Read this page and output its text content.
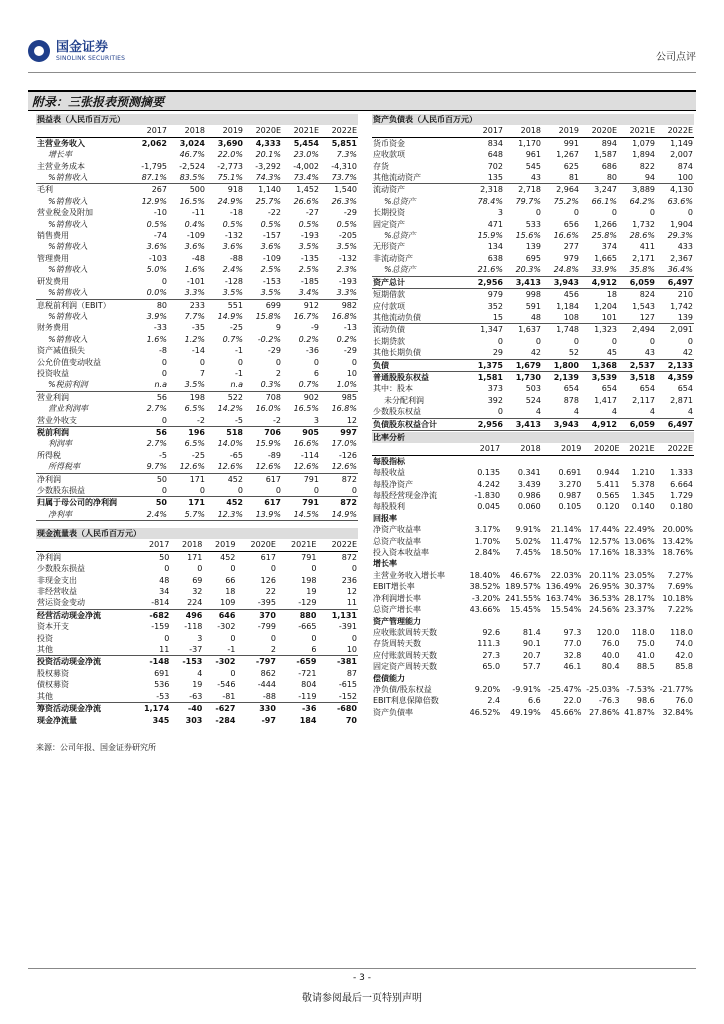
国金证券
SINOLINK SECURITIES	公司点评
附录：三张报表预测摘要
损益表（人民币百万元）						
	2017	2018	2019	2020E	2021E	2022E
主营业务收入	2,062	3,024	3,690	4,333	5,454	5,851
增长率		46.7%	22.0%	20.1%	23.0%	7.3%
主营业务成本	-1,795	-2,524	-2,773	-3,292	-4,002	-4,310
%销售收入	87.1%	83.5%	75.1%	74.3%	73.4%	73.7%
毛利	267	500	918	1,140	1,452	1,540
%销售收入	12.9%	16.5%	24.9%	25.7%	26.6%	26.3%
营业税金及附加	-10	-11	-18	-22	-27	-29
%销售收入	0.5%	0.4%	0.5%	0.5%	0.5%	0.5%
销售费用	-74	-109	-132	-157	-193	-205
%销售收入	3.6%	3.6%	3.6%	3.6%	3.5%	3.5%
管理费用	-103	-48	-88	-109	-135	-132
%销售收入	5.0%	1.6%	2.4%	2.5%	2.5%	2.3%
研发费用	0	-101	-128	-153	-185	-193
%销售收入	0.0%	3.3%	3.5%	3.5%	3.4%	3.3%
息税前利润（EBIT）	80	233	551	699	912	982
%销售收入	3.9%	7.7%	14.9%	15.8%	16.7%	16.8%
财务费用	-33	-35	-25	9	-9	-13
%销售收入	1.6%	1.2%	0.7%	-0.2%	0.2%	0.2%
资产减值损失	-8	-14	-1	-29	-36	-29
公允价值变动收益	0	0	0	0	0	0
投资收益	0	7	-1	2	6	10
%税前利润	n.a	3.5%	n.a	0.3%	0.7%	1.0%
营业利润	56	198	522	708	902	985
营业利润率	2.7%	6.5%	14.2%	16.0%	16.5%	16.8%
营业外收支	0	-2	-5	-2	3	12
税前利润	56	196	518	706	905	997
利润率	2.7%	6.5%	14.0%	15.9%	16.6%	17.0%
所得税	-5	-25	-65	-89	-114	-126
所得税率	9.7%	12.6%	12.6%	12.6%	12.6%	12.6%
净利润	50	171	452	617	791	872
少数股东损益	0	0	0	0	0	0
归属于母公司的净利润	50	171	452	617	791	872
净利率	2.4%	5.7%	12.3%	13.9%	14.5%	14.9%
资产负债表（人民币百万元）						
	2017	2018	2019	2020E	2021E	2022E
货币资金	834	1,170	991	894	1,079	1,149
应收款项	648	961	1,267	1,587	1,894	2,007
存货	702	545	625	686	822	874
其他流动资产	135	43	81	80	94	100
流动资产	2,318	2,718	2,964	3,247	3,889	4,130
%总资产	78.4%	79.7%	75.2%	66.1%	64.2%	63.6%
长期投资	3	0	0	0	0	0
固定资产	471	533	656	1,266	1,732	1,904
%总资产	15.9%	15.6%	16.6%	25.8%	28.6%	29.3%
无形资产	134	139	277	374	411	433
非流动资产	638	695	979	1,665	2,171	2,367
%总资产	21.6%	20.3%	24.8%	33.9%	35.8%	36.4%
资产总计	2,956	3,413	3,943	4,912	6,059	6,497
短期借款	979	998	456	18	824	210
应付款项	352	591	1,184	1,204	1,543	1,742
其他流动负债	15	48	108	101	127	139
流动负债	1,347	1,637	1,748	1,323	2,494	2,091
长期贷款	0	0	0	0	0	0
其他长期负债	29	42	52	45	43	42
负债	1,375	1,679	1,800	1,368	2,537	2,133
普通股股东权益	1,581	1,730	2,139	3,539	3,518	4,359
其中：股本	373	503	654	654	654	654
未分配利润	392	524	878	1,417	2,117	2,871
少数股东权益	0	4	4	4	4	4
负债股东权益合计	2,956	3,413	3,943	4,912	6,059	6,497
比率分析						
	2017	2018	2019	2020E	2021E	2022E
每股指标						
每股收益	0.135	0.341	0.691	0.944	1.210	1.333
每股净资产	4.242	3.439	3.270	5.411	5.378	6.664
每股经营现金净流	-1.830	0.986	0.987	0.565	1.345	1.729
每股股利	0.045	0.060	0.105	0.120	0.140	0.180
回报率						
净资产收益率	3.17%	9.91%	21.14%	17.44%	22.49%	20.00%
总资产收益率	1.70%	5.02%	11.47%	12.57%	13.06%	13.42%
投入资本收益率	2.84%	7.45%	18.50%	17.16%	18.33%	18.76%
增长率						
主营业务收入增长率	18.40%	46.67%	22.03%	20.11%	23.05%	7.27%
EBIT增长率	38.52%	189.57%	136.49%	26.95%	30.37%	7.69%
净利润增长率	-3.20%	241.55%	163.74%	36.53%	28.17%	10.18%
总资产增长率	43.66%	15.45%	15.54%	24.56%	23.37%	7.22%
资产管理能力						
应收账款周转天数	92.6	81.4	97.3	120.0	118.0	118.0
存货周转天数	111.3	90.1	77.0	76.0	75.0	74.0
应付账款周转天数	27.3	20.7	32.8	40.0	41.0	42.0
固定资产周转天数	65.0	57.7	46.1	80.4	88.5	85.8
偿债能力						
净负债/股东权益	9.20%	-9.91%	-25.47%	-25.03%	-7.53%	-21.77%
EBIT利息保障倍数	2.4	6.6	22.0	-76.3	98.6	76.0
资产负债率	46.52%	49.19%	45.66%	27.86%	41.87%	32.84%
现金流量表（人民币百万元）						
	2017	2018	2019	2020E	2021E	2022E
净利润	50	171	452	617	791	872
少数股东损益	0	0	0	0	0	0
非现金支出	48	69	66	126	198	236
非经营收益	34	32	18	22	19	12
营运资金变动	-814	224	109	-395	-129	11
经营活动现金净流	-682	496	646	370	880	1,131
资本开支	-159	-118	-302	-799	-665	-391
投资	0	3	0	0	0	0
其他	11	-37	-1	2	6	10
投资活动现金净流	-148	-153	-302	-797	-659	-381
股权募资	691	4	0	862	-721	87
债权募资	536	19	-546	-444	804	-615
其他	-53	-63	-81	-88	-119	-152
筹资活动现金净流	1,174	-40	-627	330	-36	-680
现金净流量	345	303	-284	-97	184	70
来源：公司年报、国金证券研究所
- 3 -
敬请参阅最后一页特别声明
